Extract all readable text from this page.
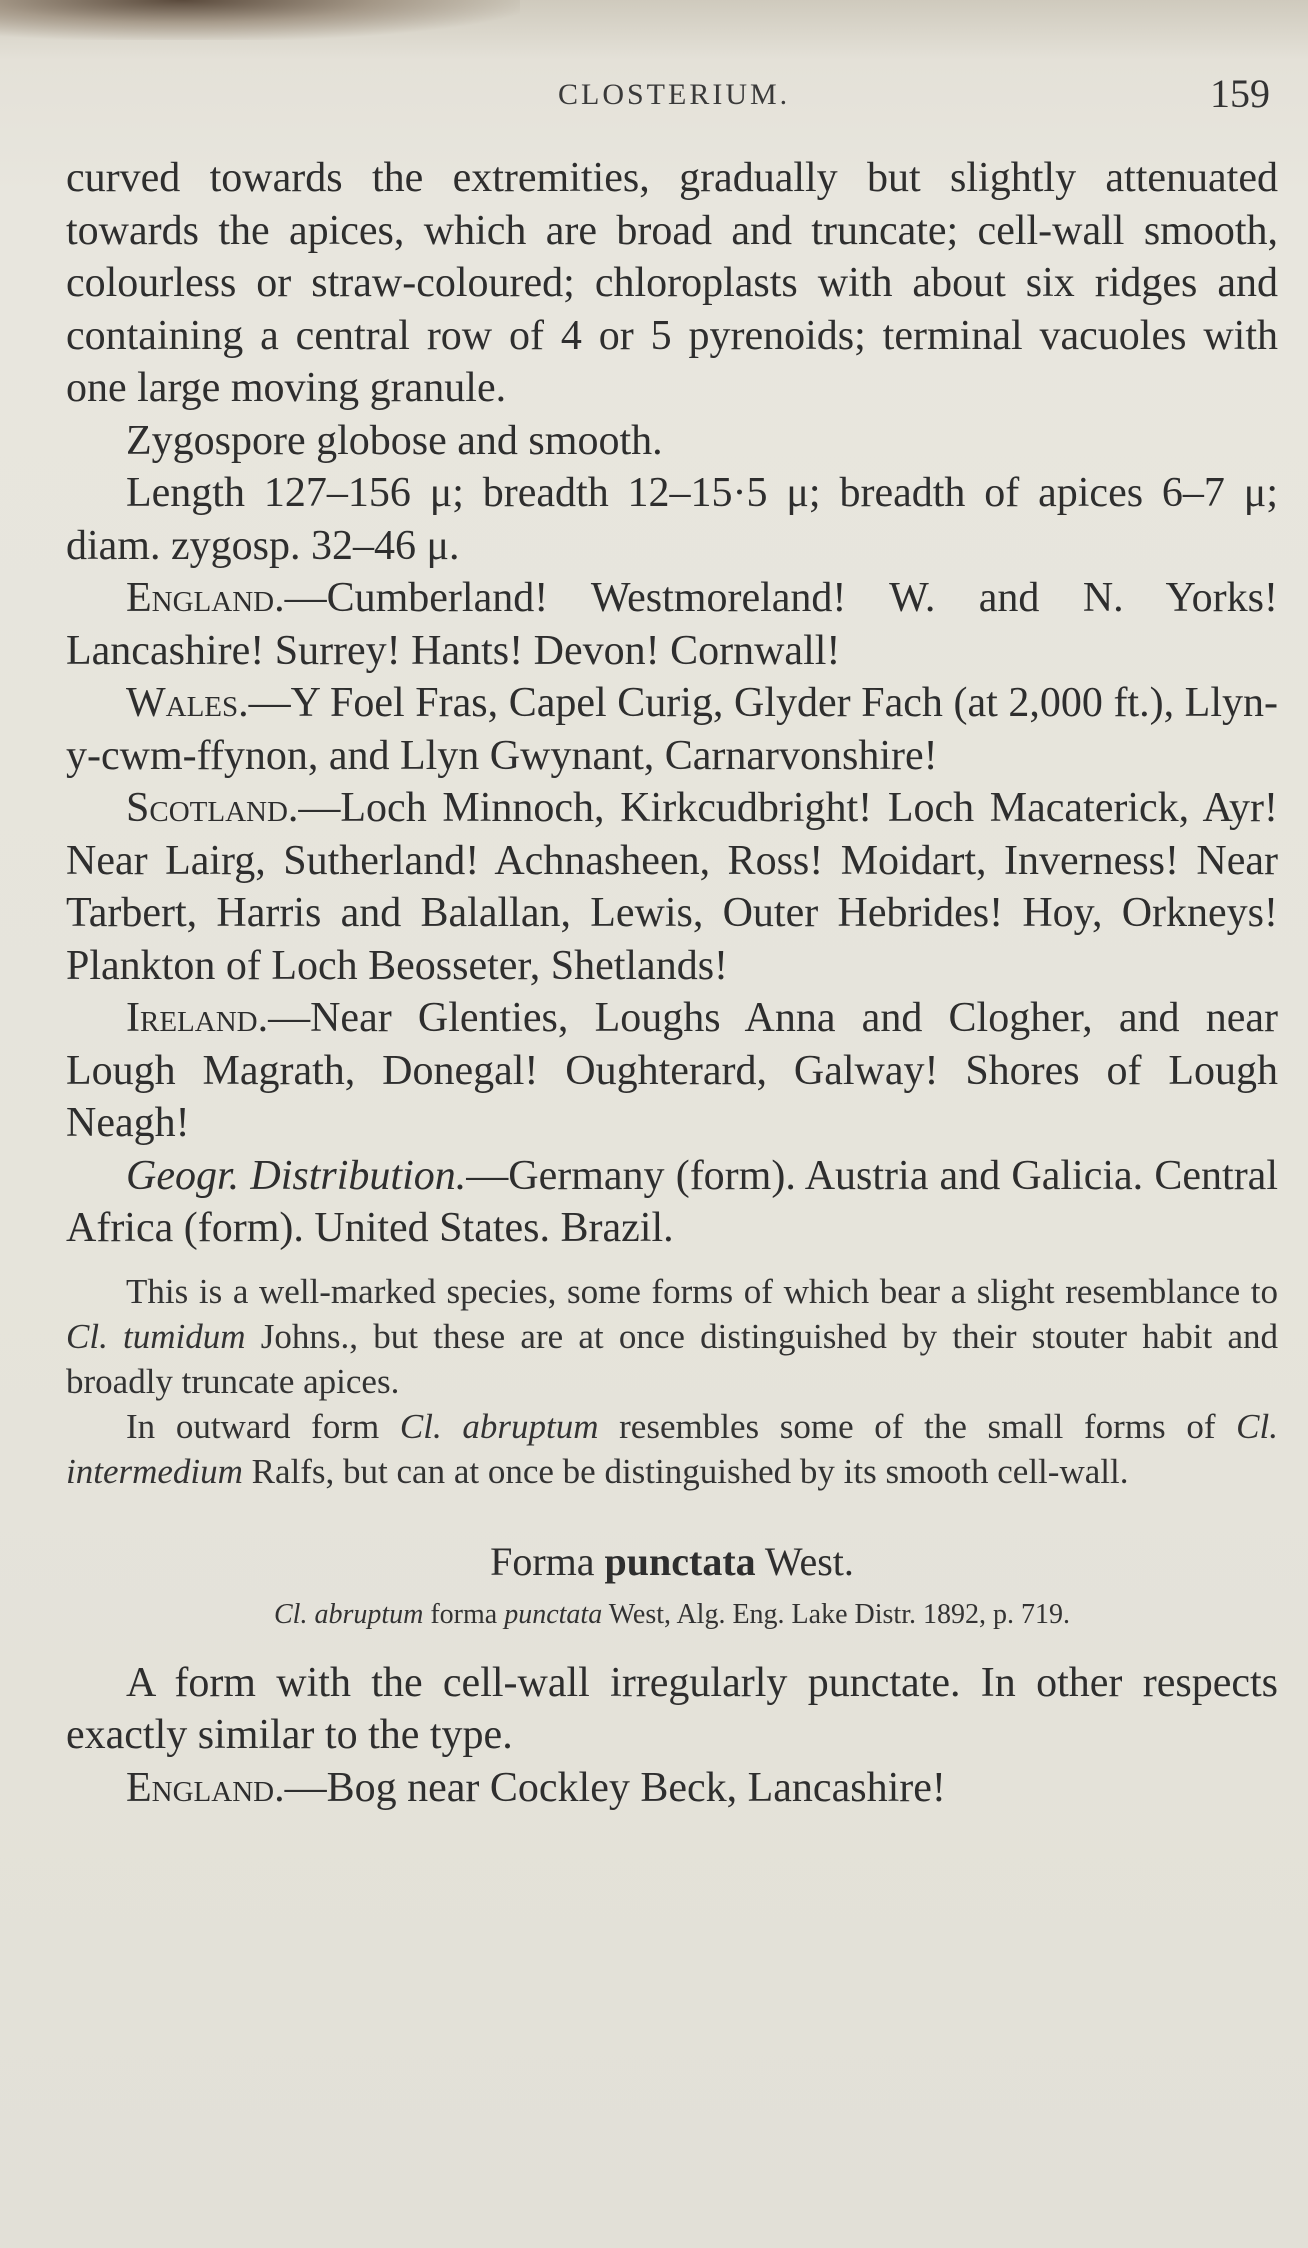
CLOSTERIUM.	159

curved towards the extremities, gradually but slightly attenuated towards the apices, which are broad and truncate; cell-wall smooth, colourless or straw-coloured; chloroplasts with about six ridges and containing a central row of 4 or 5 pyrenoids; terminal vacuoles with one large moving granule.

Zygospore globose and smooth.

Length 127–156 μ; breadth 12–15·5 μ; breadth of apices 6–7 μ; diam. zygosp. 32–46 μ.

England.—Cumberland! Westmoreland! W. and N. Yorks! Lancashire! Surrey! Hants! Devon! Cornwall!

Wales.—Y Foel Fras, Capel Curig, Glyder Fach (at 2,000 ft.), Llyn-y-cwm-ffynon, and Llyn Gwynant, Carnarvonshire!

Scotland.—Loch Minnoch, Kirkcudbright! Loch Macaterick, Ayr! Near Lairg, Sutherland! Achnasheen, Ross! Moidart, Inverness! Near Tarbert, Harris and Balallan, Lewis, Outer Hebrides! Hoy, Orkneys! Plankton of Loch Beosseter, Shetlands!

Ireland.—Near Glenties, Loughs Anna and Clogher, and near Lough Magrath, Donegal! Oughterard, Galway! Shores of Lough Neagh!

Geogr. Distribution.—Germany (form). Austria and Galicia. Central Africa (form). United States. Brazil.

This is a well-marked species, some forms of which bear a slight resemblance to Cl. tumidum Johns., but these are at once distinguished by their stouter habit and broadly truncate apices.

In outward form Cl. abruptum resembles some of the small forms of Cl. intermedium Ralfs, but can at once be distinguished by its smooth cell-wall.

Forma punctata West.
Cl. abruptum forma punctata West, Alg. Eng. Lake Distr. 1892, p. 719.

A form with the cell-wall irregularly punctate. In other respects exactly similar to the type.

England.—Bog near Cockley Beck, Lancashire!
